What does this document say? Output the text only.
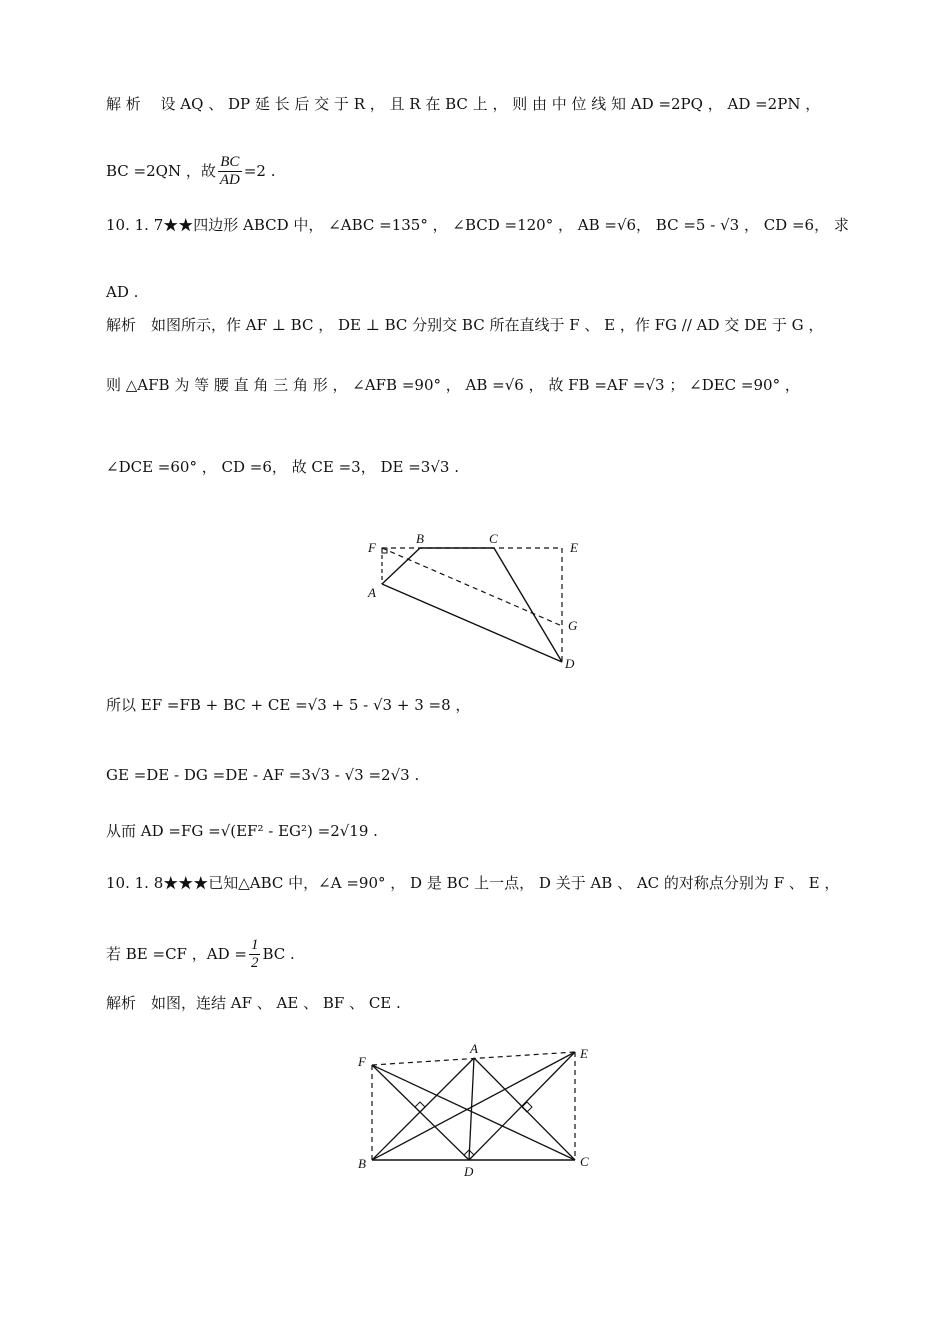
解 析　 设 AQ 、 DP 延 长 后 交 于 R ， 且 R 在 BC 上 ， 则 由 中 位 线 知 AD =2PQ ， AD =2PN ，
BC =2QN ，故 $\frac{BC}{AD} =2$ .
10. 1. 7★★四边形 ABCD 中， ∠ABC =135° ， ∠BCD =120° ， AB =√6， BC =5 - √3 ， CD =6， 求
AD .
解析　如图所示，作 AF ⊥ BC ， DE ⊥ BC 分别交 BC 所在直线于 F 、 E ，作 FG // AD 交 DE 于 G ，
则 △AFB 为 等 腰 直 角 三 角 形 ， ∠AFB =90° ， AB =√6 ， 故 FB =AF =√3 ； ∠DEC =90° ，
∠DCE =60° ， CD =6， 故 CE =3， DE =3√3 .
F
B	C
E
A
G
D
所以 EF =FB + BC + CE =√3 + 5 - √3 + 3 =8 ，
GE =DE - DG =DE - AF =3√3 - √3 =2√3 .
从而 AD =FG =√(EF² - EG²) =2√19 .
10. 1. 8★★★已知△ABC 中，∠A =90° ， D 是 BC 上一点， D 关于 AB 、 AC 的对称点分别为 F 、 E ，
若 BE =CF ，AD = $\frac{1}{2}$ BC .
解析　如图，连结 AF 、 AE 、 BF 、 CE .
F
A	E
B
D
C
